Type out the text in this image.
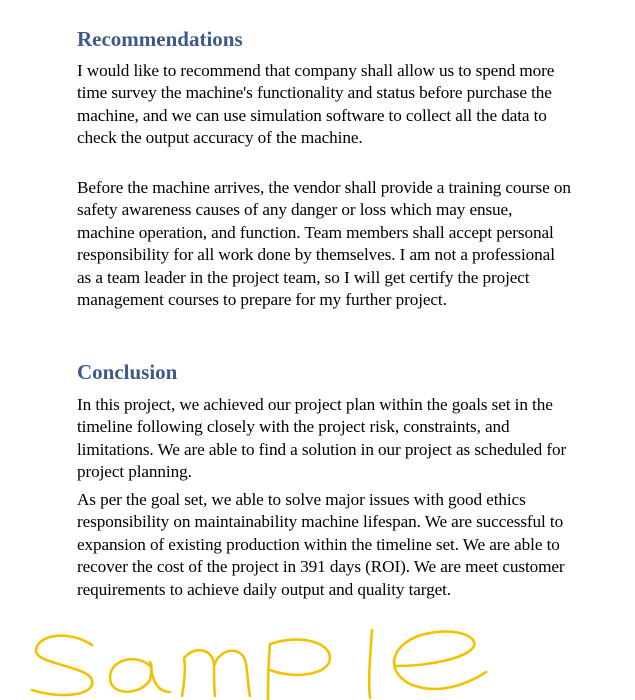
Recommendations

I would like to recommend that company shall allow us to spend more time survey the machine's functionality and status before purchase the machine, and we can use simulation software to collect all the data to check the output accuracy of the machine.

Before the machine arrives, the vendor shall provide a training course on safety awareness causes of any danger or loss which may ensue, machine operation, and function. Team members shall accept personal responsibility for all work done by themselves. I am not a professional as a team leader in the project team, so I will get certify the project management courses to prepare for my further project.

Conclusion

In this project, we achieved our project plan within the goals set in the timeline following closely with the project risk, constraints, and limitations. We are able to find a solution in our project as scheduled for project planning.

As per the goal set, we able to solve major issues with good ethics responsibility on maintainability machine lifespan. We are successful to expansion of existing production within the timeline set. We are able to recover the cost of the project in 391 days (ROI). We are meet customer requirements to achieve daily output and quality target.
